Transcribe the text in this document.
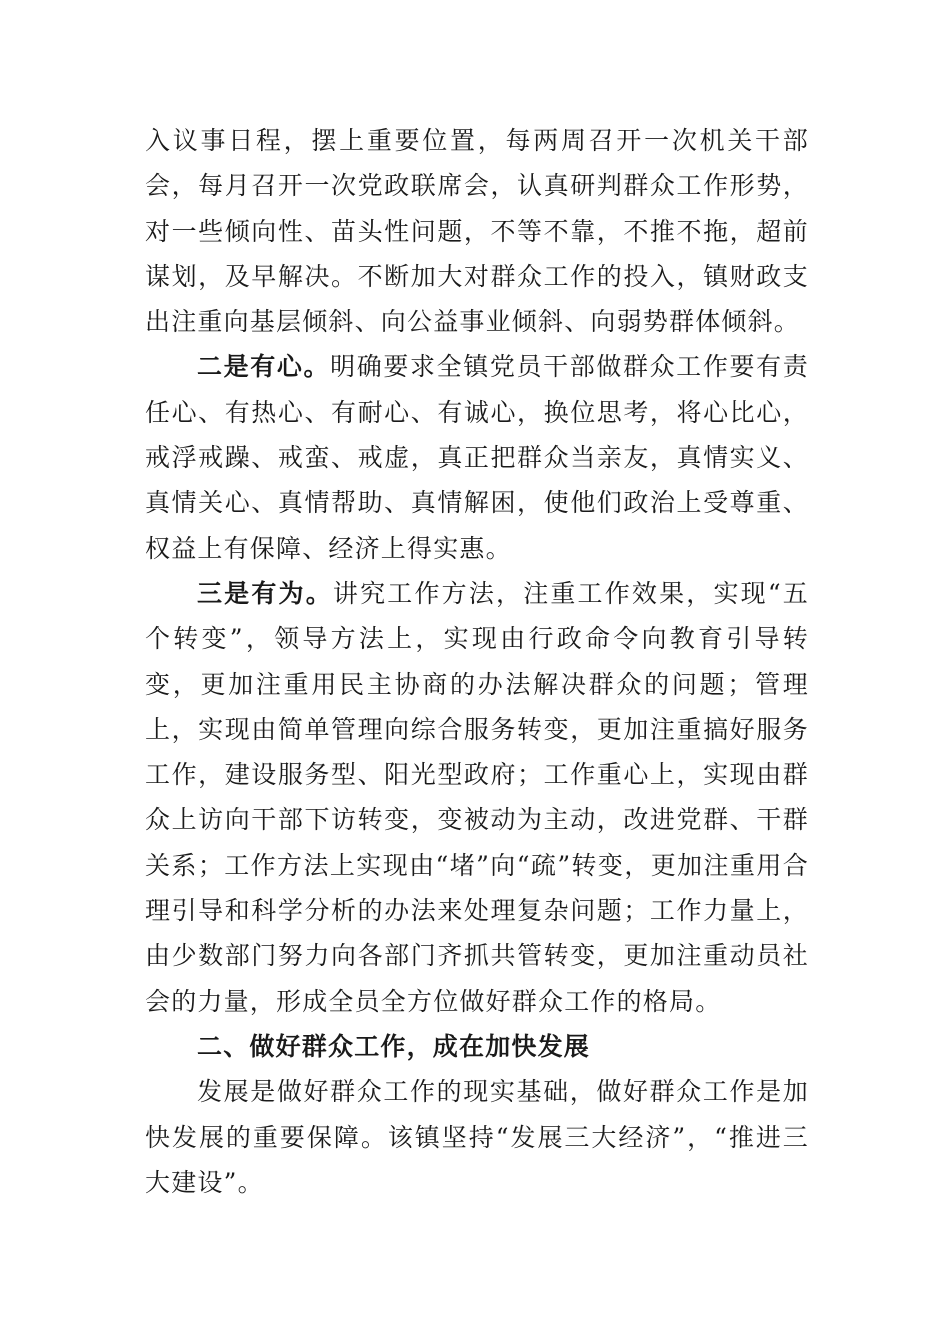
入议事日程，摆上重要位置，每两周召开一次机关干部会，每月召开一次党政联席会，认真研判群众工作形势，对一些倾向性、苗头性问题，不等不靠，不推不拖，超前谋划，及早解决。不断加大对群众工作的投入，镇财政支出注重向基层倾斜、向公益事业倾斜、向弱势群体倾斜。

二是有心。明确要求全镇党员干部做群众工作要有责任心、有热心、有耐心、有诚心，换位思考，将心比心，戒浮戒躁、戒蛮、戒虚，真正把群众当亲友，真情实义、真情关心、真情帮助、真情解困，使他们政治上受尊重、权益上有保障、经济上得实惠。

三是有为。讲究工作方法，注重工作效果，实现“五个转变”，领导方法上，实现由行政命令向教育引导转变，更加注重用民主协商的办法解决群众的问题；管理上，实现由简单管理向综合服务转变，更加注重搞好服务工作，建设服务型、阳光型政府；工作重心上，实现由群众上访向干部下访转变，变被动为主动，改进党群、干群关系；工作方法上实现由“堵”向“疏”转变，更加注重用合理引导和科学分析的办法来处理复杂问题；工作力量上，由少数部门努力向各部门齐抓共管转变，更加注重动员社会的力量，形成全员全方位做好群众工作的格局。

二、做好群众工作，成在加快发展

发展是做好群众工作的现实基础，做好群众工作是加快发展的重要保障。该镇坚持“发展三大经济”，“推进三大建设”。
